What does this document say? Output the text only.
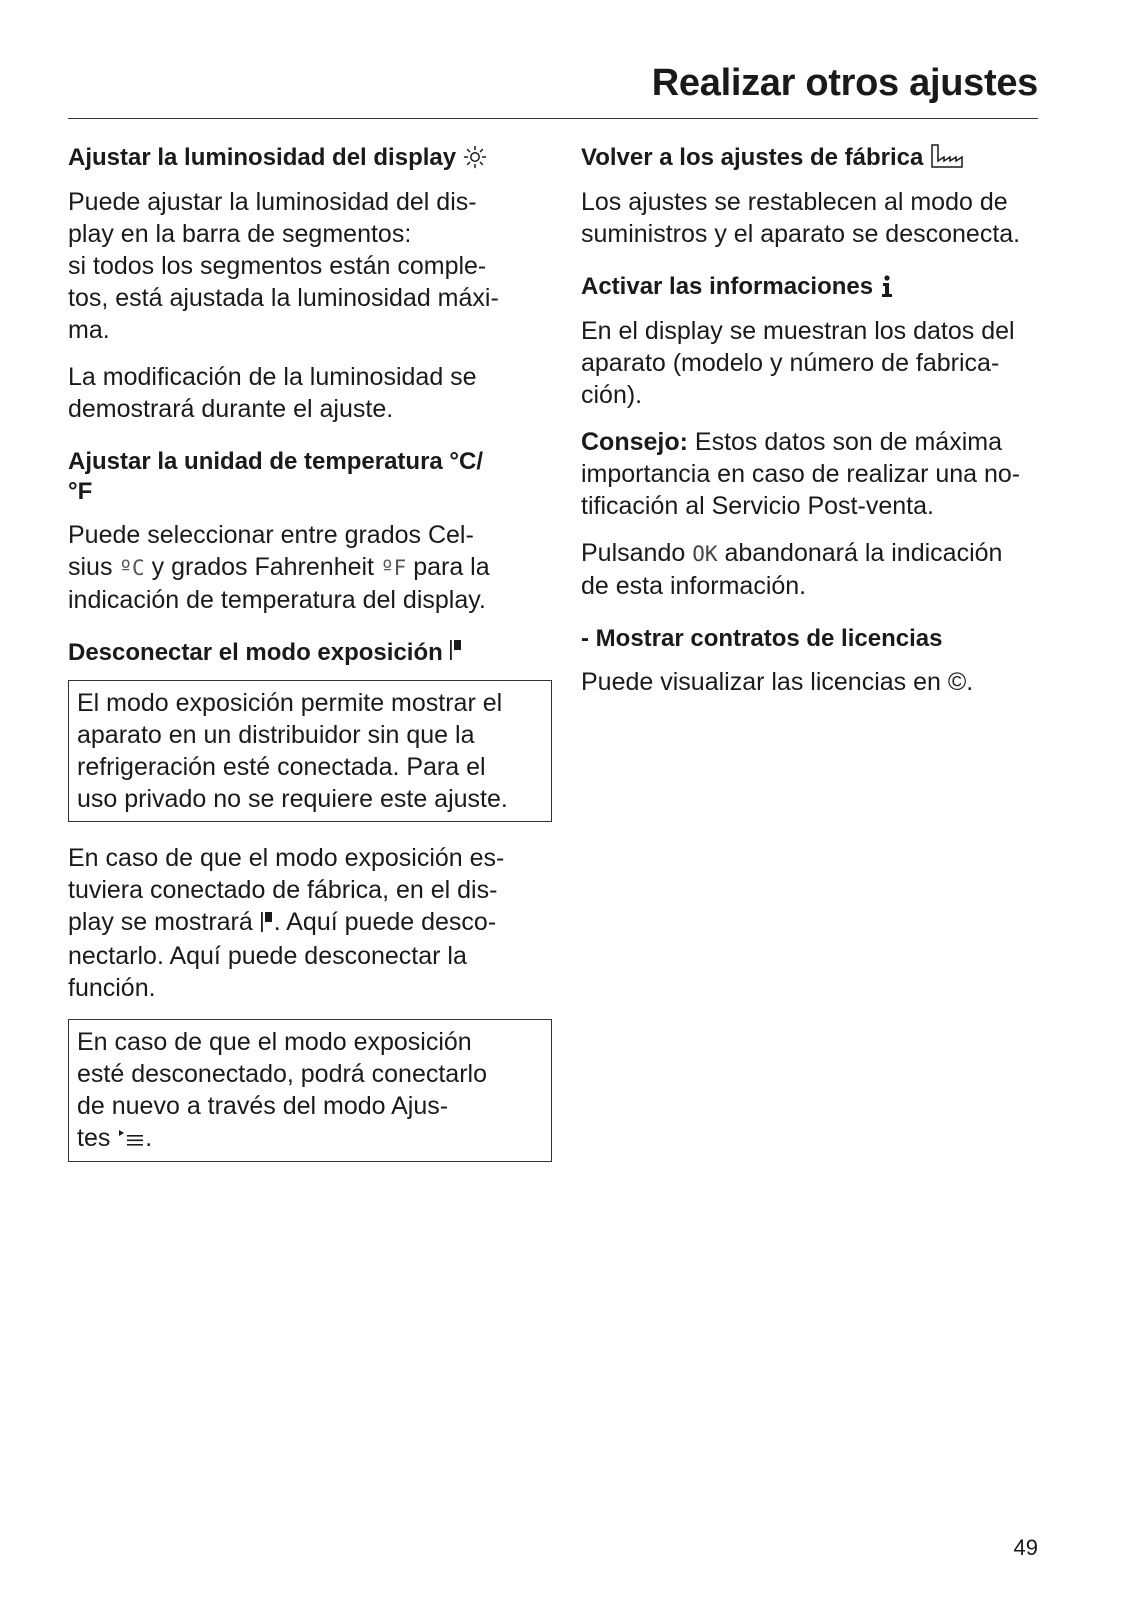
Realizar otros ajustes
Ajustar la luminosidad del display

Puede ajustar la luminosidad del dis-
play en la barra de segmentos:
si todos los segmentos están comple-
tos, está ajustada la luminosidad máxi-
ma.

La modificación de la luminosidad se
demostrará durante el ajuste.

Ajustar la unidad de temperatura °C/
°F

Puede seleccionar entre grados Cel-
sius ºC y grados Fahrenheit ºF para la
indicación de temperatura del display.

Desconectar el modo exposición

El modo exposición permite mostrar el
aparato en un distribuidor sin que la
refrigeración esté conectada. Para el
uso privado no se requiere este ajuste.

En caso de que el modo exposición es-
tuviera conectado de fábrica, en el dis-
play se mostrará . Aquí puede desco-
nectarlo. Aquí puede desconectar la
función.

En caso de que el modo exposición
esté desconectado, podrá conectarlo
de nuevo a través del modo Ajus-
tes .

Volver a los ajustes de fábrica

Los ajustes se restablecen al modo de
suministros y el aparato se desconecta.

Activar las informaciones

En el display se muestran los datos del
aparato (modelo y número de fabrica-
ción).

Consejo: Estos datos son de máxima
importancia en caso de realizar una no-
tificación al Servicio Post-venta.

Pulsando OK abandonará la indicación
de esta información.

- Mostrar contratos de licencias

Puede visualizar las licencias en ©.

49
